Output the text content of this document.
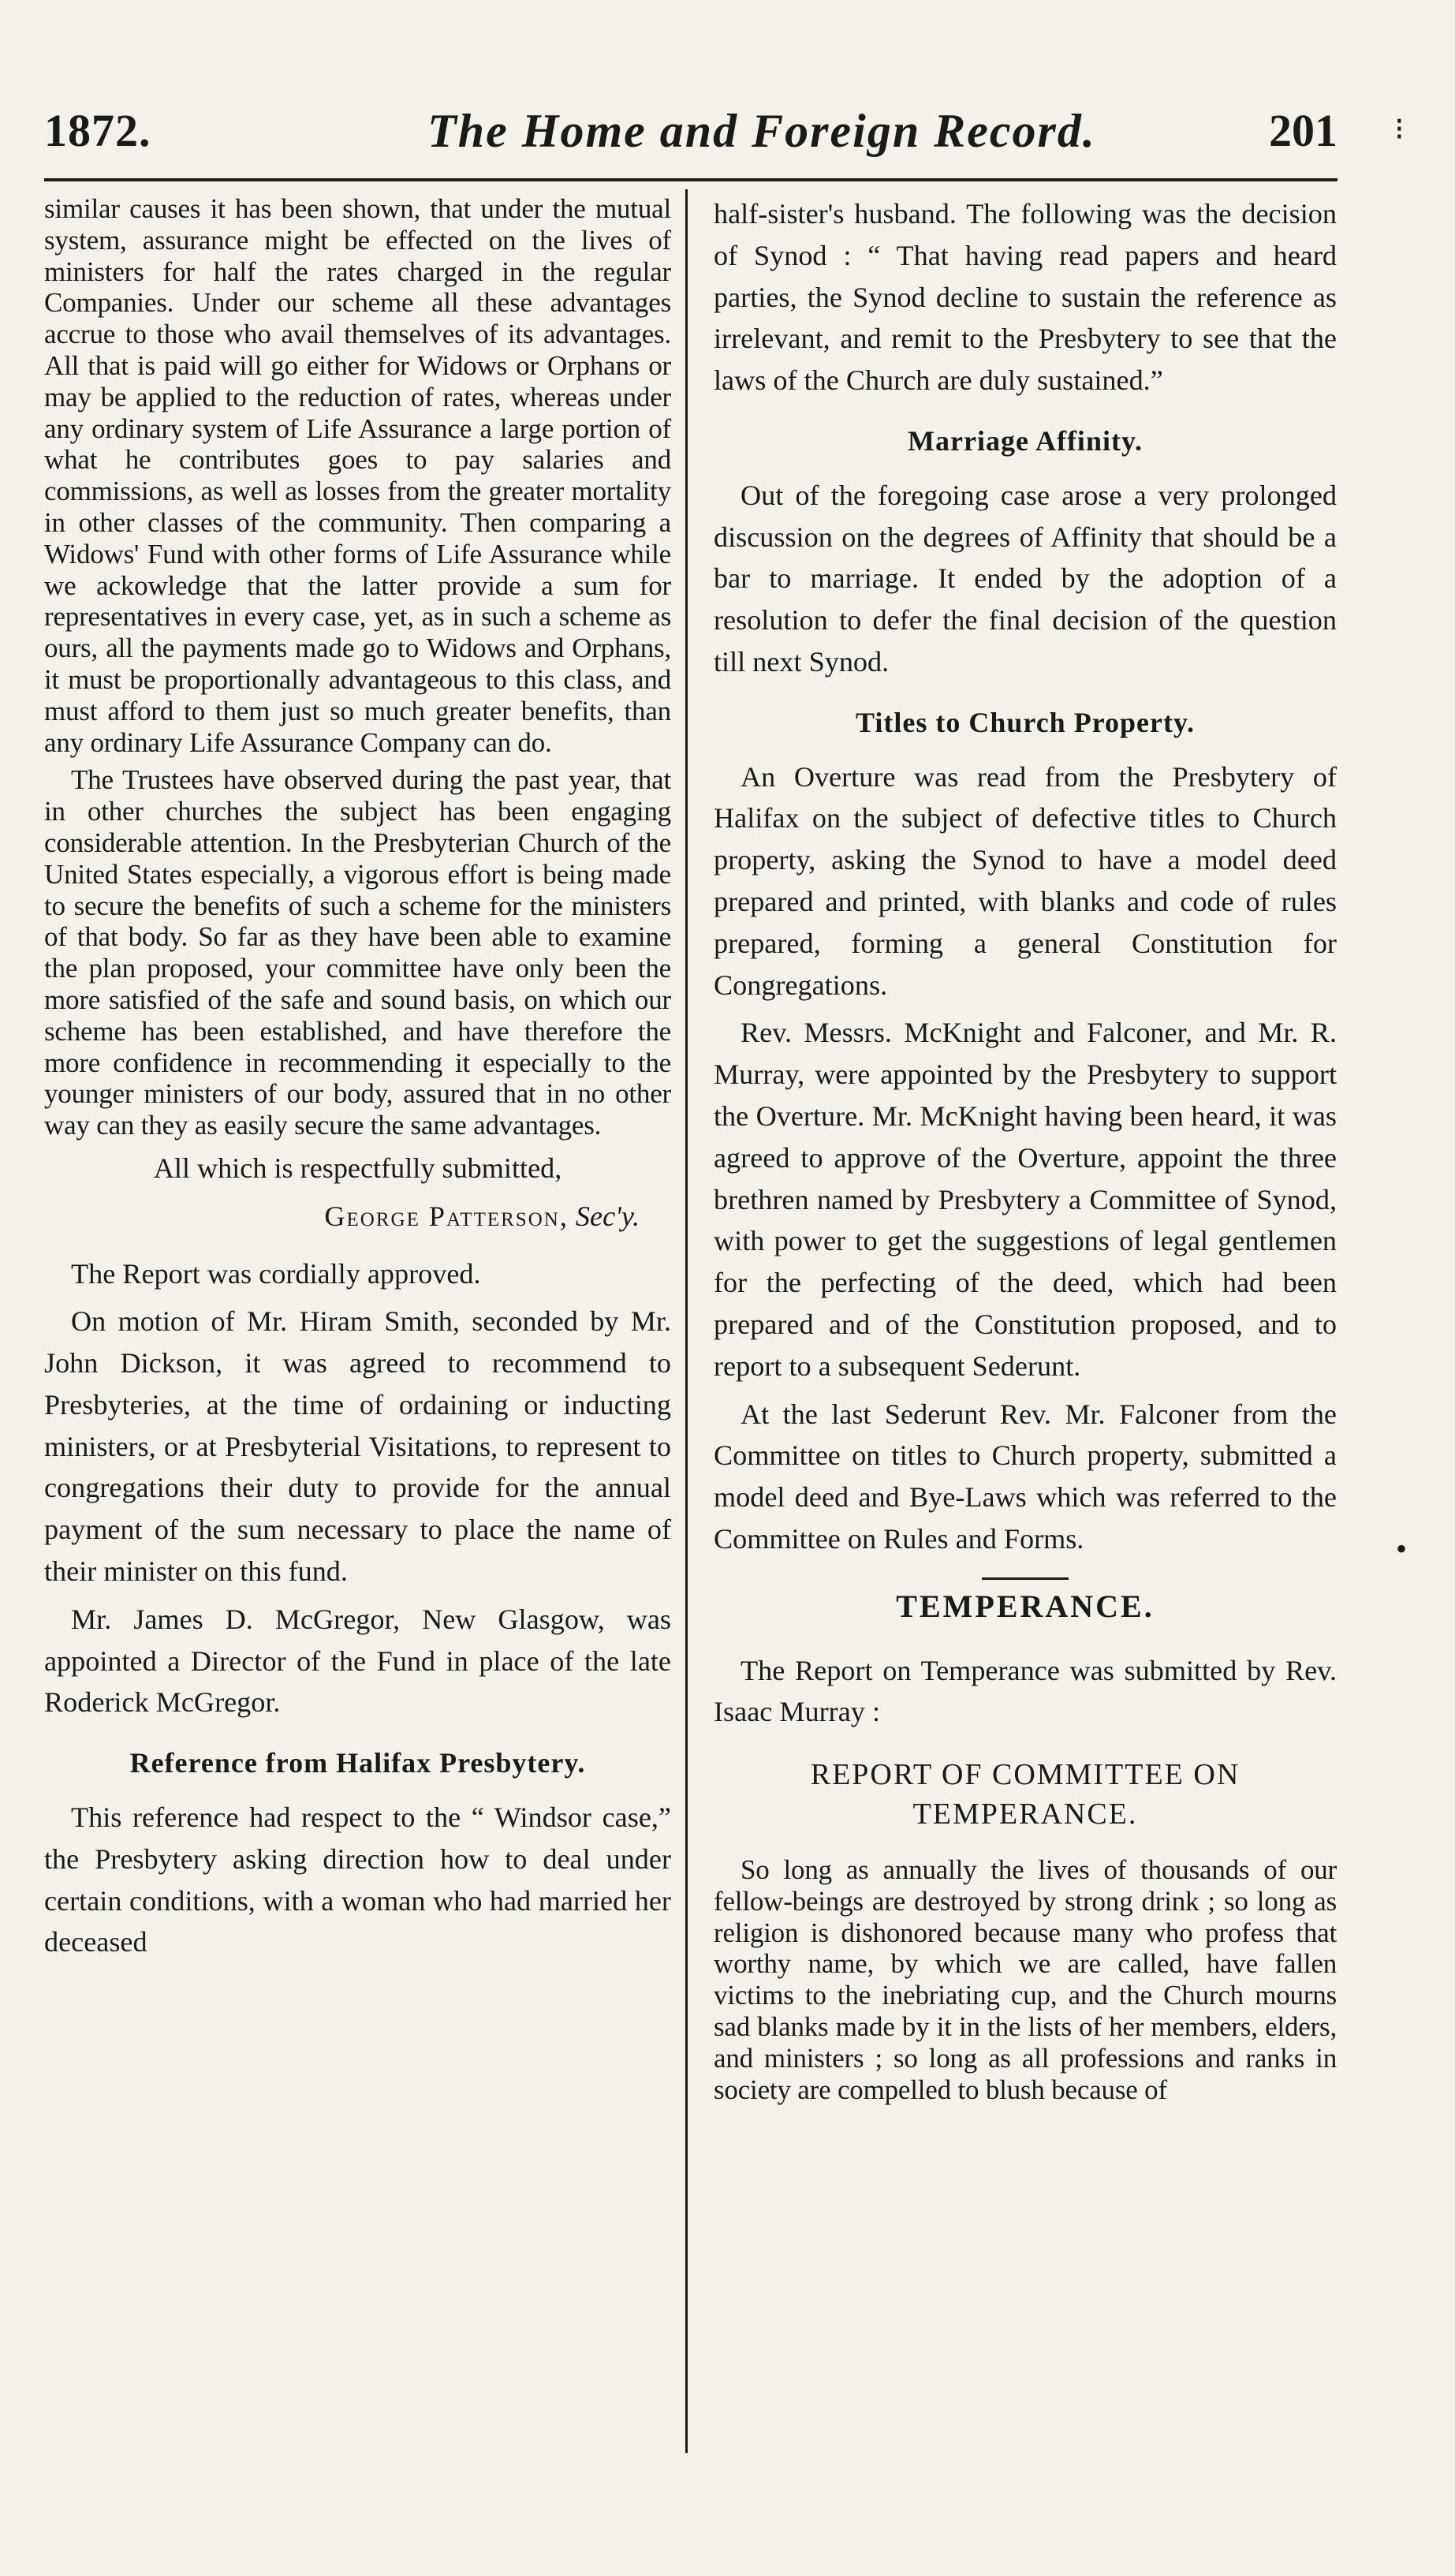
1872.	The Home and Foreign Record.	201

similar causes it has been shown, that under the mutual system, assurance might be effected on the lives of ministers for half the rates charged in the regular Companies. Under our scheme all these advantages accrue to those who avail themselves of its advantages. All that is paid will go either for Widows or Orphans or may be applied to the reduction of rates, whereas under any ordinary system of Life Assurance a large portion of what he contributes goes to pay salaries and commissions, as well as losses from the greater mortality in other classes of the community. Then comparing a Widows' Fund with other forms of Life Assurance while we ackowledge that the latter provide a sum for representatives in every case, yet, as in such a scheme as ours, all the payments made go to Widows and Orphans, it must be proportionally advantageous to this class, and must afford to them just so much greater benefits, than any ordinary Life Assurance Company can do.

The Trustees have observed during the past year, that in other churches the subject has been engaging considerable attention. In the Presbyterian Church of the United States especially, a vigorous effort is being made to secure the benefits of such a scheme for the ministers of that body. So far as they have been able to examine the plan proposed, your committee have only been the more satisfied of the safe and sound basis, on which our scheme has been established, and have therefore the more confidence in recommending it especially to the younger ministers of our body, assured that in no other way can they as easily secure the same advantages.

All which is respectfully submitted,

George Patterson, Sec'y.

The Report was cordially approved.

On motion of Mr. Hiram Smith, seconded by Mr. John Dickson, it was agreed to recommend to Presbyteries, at the time of ordaining or inducting ministers, or at Presbyterial Visitations, to represent to congregations their duty to provide for the annual payment of the sum necessary to place the name of their minister on this fund.

Mr. James D. McGregor, New Glasgow, was appointed a Director of the Fund in place of the late Roderick McGregor.

Reference from Halifax Presbytery.

This reference had respect to the “ Windsor case,” the Presbytery asking direction how to deal under certain conditions, with a woman who had married her deceased

half-sister's husband. The following was the decision of Synod : “ That having read papers and heard parties, the Synod decline to sustain the reference as irrelevant, and remit to the Presbytery to see that the laws of the Church are duly sustained.”

Marriage Affinity.

Out of the foregoing case arose a very prolonged discussion on the degrees of Affinity that should be a bar to marriage. It ended by the adoption of a resolution to defer the final decision of the question till next Synod.

Titles to Church Property.

An Overture was read from the Presbytery of Halifax on the subject of defective titles to Church property, asking the Synod to have a model deed prepared and printed, with blanks and code of rules prepared, forming a general Constitution for Congregations.

Rev. Messrs. McKnight and Falconer, and Mr. R. Murray, were appointed by the Presbytery to support the Overture. Mr. McKnight having been heard, it was agreed to approve of the Overture, appoint the three brethren named by Presbytery a Committee of Synod, with power to get the suggestions of legal gentlemen for the perfecting of the deed, which had been prepared and of the Constitution proposed, and to report to a subsequent Sederunt.

At the last Sederunt Rev. Mr. Falconer from the Committee on titles to Church property, submitted a model deed and Bye-Laws which was referred to the Committee on Rules and Forms.

TEMPERANCE.

The Report on Temperance was submitted by Rev. Isaac Murray :

REPORT OF COMMITTEE ON TEMPERANCE.

So long as annually the lives of thousands of our fellow-beings are destroyed by strong drink ; so long as religion is dishonored because many who profess that worthy name, by which we are called, have fallen victims to the inebriating cup, and the Church mourns sad blanks made by it in the lists of her members, elders, and ministers ; so long as all professions and ranks in society are compelled to blush because of

⁝
•
